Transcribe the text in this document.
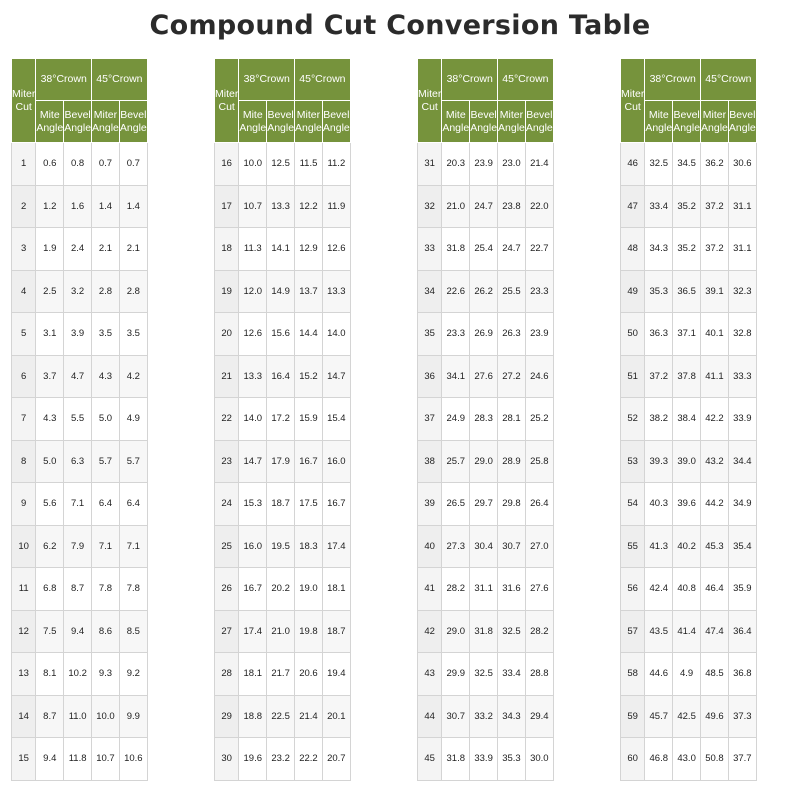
Compound Cut Conversion Table
Miter Cut	38°Crown		45°Crown	
	Mite Angle	Bevel Angle	Miter Angle	Bevel Angle
1	0.6	0.8	0.7	0.7
2	1.2	1.6	1.4	1.4
3	1.9	2.4	2.1	2.1
4	2.5	3.2	2.8	2.8
5	3.1	3.9	3.5	3.5
6	3.7	4.7	4.3	4.2
7	4.3	5.5	5.0	4.9
8	5.0	6.3	5.7	5.7
9	5.6	7.1	6.4	6.4
10	6.2	7.9	7.1	7.1
11	6.8	8.7	7.8	7.8
12	7.5	9.4	8.6	8.5
13	8.1	10.2	9.3	9.2
14	8.7	11.0	10.0	9.9
15	9.4	11.8	10.7	10.6
Miter Cut	38°Crown		45°Crown	
	Mite Angle	Bevel Angle	Miter Angle	Bevel Angle
16	10.0	12.5	11.5	11.2
17	10.7	13.3	12.2	11.9
18	11.3	14.1	12.9	12.6
19	12.0	14.9	13.7	13.3
20	12.6	15.6	14.4	14.0
21	13.3	16.4	15.2	14.7
22	14.0	17.2	15.9	15.4
23	14.7	17.9	16.7	16.0
24	15.3	18.7	17.5	16.7
25	16.0	19.5	18.3	17.4
26	16.7	20.2	19.0	18.1
27	17.4	21.0	19.8	18.7
28	18.1	21.7	20.6	19.4
29	18.8	22.5	21.4	20.1
30	19.6	23.2	22.2	20.7
Miter Cut	38°Crown		45°Crown	
	Mite Angle	Bevel Angle	Miter Angle	Bevel Angle
31	20.3	23.9	23.0	21.4
32	21.0	24.7	23.8	22.0
33	31.8	25.4	24.7	22.7
34	22.6	26.2	25.5	23.3
35	23.3	26.9	26.3	23.9
36	34.1	27.6	27.2	24.6
37	24.9	28.3	28.1	25.2
38	25.7	29.0	28.9	25.8
39	26.5	29.7	29.8	26.4
40	27.3	30.4	30.7	27.0
41	28.2	31.1	31.6	27.6
42	29.0	31.8	32.5	28.2
43	29.9	32.5	33.4	28.8
44	30.7	33.2	34.3	29.4
45	31.8	33.9	35.3	30.0
Miter Cut	38°Crown		45°Crown	
	Mite Angle	Bevel Angle	Miter Angle	Bevel Angle
46	32.5	34.5	36.2	30.6
47	33.4	35.2	37.2	31.1
48	34.3	35.2	37.2	31.1
49	35.3	36.5	39.1	32.3
50	36.3	37.1	40.1	32.8
51	37.2	37.8	41.1	33.3
52	38.2	38.4	42.2	33.9
53	39.3	39.0	43.2	34.4
54	40.3	39.6	44.2	34.9
55	41.3	40.2	45.3	35.4
56	42.4	40.8	46.4	35.9
57	43.5	41.4	47.4	36.4
58	44.6	4.9	48.5	36.8
59	45.7	42.5	49.6	37.3
60	46.8	43.0	50.8	37.7
